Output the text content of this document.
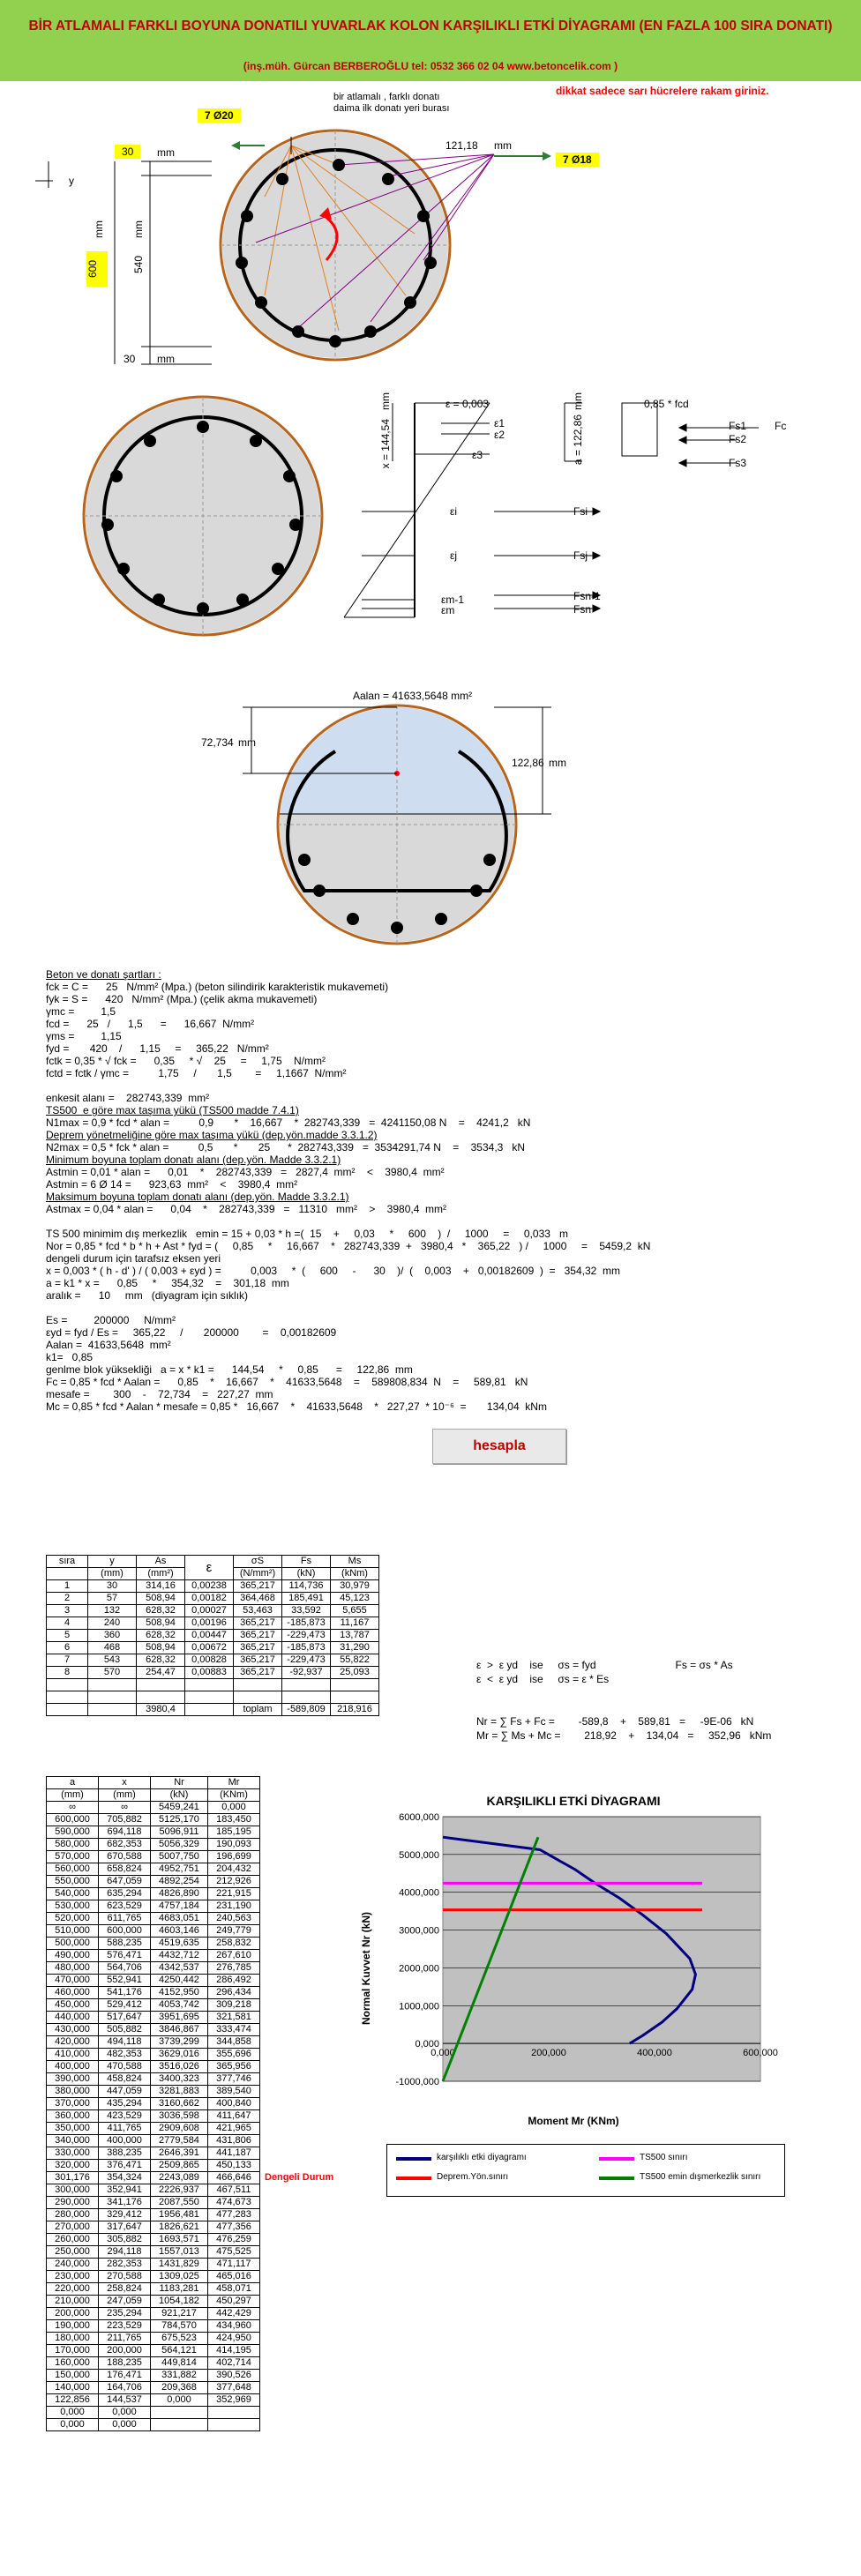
BİR ATLAMALI FARKLI BOYUNA DONATILI YUVARLAK KOLON KARŞILIKLI ETKİ DİYAGRAMI (EN FAZLA 100 SIRA DONATI)
(inş.müh. Gürcan BERBEROĞLU tel: 0532 366 02 04 www.betoncelik.com )
dikkat sadece sarı hücrelere rakam giriniz.
7 Ø20
7 Ø18
bir atlamalı , farklı donatı
daima ilk donatı yeri burası
121,18 mm
30	mm
30 mm
600
mm
540
mm
y
ε = 0,003	0,85 * fcd
x = 144,54
mm
a = 122,86
mm
ε1
ε2
ε3
εi
εj
εm-1
εm
Fs1	Fc
Fs2
Fs3
Fsi
Fsj
Fsn-1
Fsn
Aalan = 41633,5648 mm²
72,734 mm
122,86 mm
Beton ve donatı şartları :
fck = C =      25   N/mm² (Mpa.) (beton silindirik karakteristik mukavemeti)
fyk = S =      420   N/mm² (Mpa.) (çelik akma mukavemeti)
γmc =         1,5
fcd =      25   /      1,5      =      16,667  N/mm²
γms =         1,15
fyd =       420    /      1,15     =     365,22   N/mm²
fctk = 0,35 * √ fck =      0,35     * √    25     =     1,75    N/mm²
fctd = fctk / γmc =          1,75     /       1,5        =     1,1667  N/mm²
enkesit alanı =    282743,339  mm²
TS500  e göre max taşıma yükü (TS500 madde 7.4.1)
N1max = 0,9 * fcd * alan =          0,9       *    16,667    *  282743,339   =  4241150,08 N    =    4241,2   kN
Deprem yönetmeliğine göre max taşıma yükü (dep.yön.madde 3.3.1.2)
N2max = 0,5 * fck * alan =          0,5       *       25      *  282743,339   =  3534291,74 N    =    3534,3   kN
Minimum boyuna toplam donatı alanı (dep.yön. Madde 3.3.2.1)
Astmin = 0,01 * alan =      0,01    *    282743,339   =   2827,4  mm²    <    3980,4  mm²
Astmin = 6 Ø 14 =      923,63  mm²    <    3980,4  mm²
Maksimum boyuna toplam donatı alanı (dep.yön. Madde 3.3.2.1)
Astmax = 0,04 * alan =      0,04    *    282743,339   =   11310   mm²    >    3980,4  mm²
TS 500 minimim dış merkezlik   emin = 15 + 0,03 * h =(  15    +     0,03     *     600    )  /     1000     =     0,033   m
Nor = 0,85 * fcd * b * h + Ast * fyd = (     0,85     *     16,667    *   282743,339  +   3980,4   *    365,22   ) /     1000     =    5459,2  kN
dengeli durum için tarafsız eksen yeri
x = 0,003 * ( h - d' ) / ( 0,003 + εyd ) =          0,003     *  (     600     -      30    )/  (    0,003    +   0,00182609  )  =   354,32  mm
a = k1 * x =      0,85     *     354,32    =    301,18  mm
aralık =      10     mm   (diyagram için sıklık)
Es =         200000     N/mm²
εyd = fyd / Es =     365,22     /       200000        =    0,00182609
Aalan =  41633,5648  mm²
k1=   0,85
genlme blok yüksekliği   a = x * k1 =      144,54     *     0,85      =     122,86  mm
Fc = 0,85 * fcd * Aalan =      0,85    *    16,667    *    41633,5648    =    589808,834  N    =     589,81   kN
mesafe =        300    -    72,734    =   227,27  mm
Mc = 0,85 * fcd * Aalan * mesafe = 0,85 *   16,667    *    41633,5648    *   227,27  * 10⁻⁶  =       134,04  kNm
hesapla
sıra	y	As	ε	σS	Fs	Ms
	(mm)	(mm²)		(N/mm²)	(kN)	(kNm)
1	30	314,16	0,00238	365,217	114,736	30,979
2	57	508,94	0,00182	364,468	185,491	45,123
3	132	628,32	0,00027	53,463	33,592	5,655
4	240	508,94	0,00196	365,217	-185,873	11,167
5	360	628,32	0,00447	365,217	-229,473	13,787
6	468	508,94	0,00672	365,217	-185,873	31,290
7	543	628,32	0,00828	365,217	-229,473	55,822
8	570	254,47	0,00883	365,217	-92,937	25,093

		3980,4		toplam	-589,809	218,916
ε  >  ε yd    ise     σs = fyd                           Fs = σs * As
ε  <  ε yd    ise     σs = ε * Es
Nr = ∑ Fs + Fc =        -589,8    +    589,81   =     -9E-06   kN
Mr = ∑ Ms + Mc =        218,92    +    134,04   =     352,96   kNm
a	x	Nr	Mr
(mm)	(mm)	(kN)	(KNm)
∞	∞	5459,241	0,000
600,000	705,882	5125,170	183,450
590,000	694,118	5096,911	185,195
580,000	682,353	5056,329	190,093
570,000	670,588	5007,750	196,699
560,000	658,824	4952,751	204,432
550,000	647,059	4892,254	212,926
540,000	635,294	4826,890	221,915
530,000	623,529	4757,184	231,190
520,000	611,765	4683,051	240,563
510,000	600,000	4603,146	249,779
500,000	588,235	4519,635	258,832
490,000	576,471	4432,712	267,610
480,000	564,706	4342,537	276,785
470,000	552,941	4250,442	286,492
460,000	541,176	4152,950	296,434
450,000	529,412	4053,742	309,218
440,000	517,647	3951,695	321,581
430,000	505,882	3846,867	333,474
420,000	494,118	3739,299	344,858
410,000	482,353	3629,016	355,696
400,000	470,588	3516,026	365,956
390,000	458,824	3400,323	377,746
380,000	447,059	3281,883	389,540
370,000	435,294	3160,662	400,840
360,000	423,529	3036,598	411,647
350,000	411,765	2909,608	421,965
340,000	400,000	2779,584	431,806
330,000	388,235	2646,391	441,187
320,000	376,471	2509,865	450,133
301,176	354,324	2243,089	466,646
300,000	352,941	2226,937	467,511
290,000	341,176	2087,550	474,673
280,000	329,412	1956,481	477,283
270,000	317,647	1826,621	477,356
260,000	305,882	1693,571	476,259
250,000	294,118	1557,013	475,525
240,000	282,353	1431,829	471,117
230,000	270,588	1309,025	465,016
220,000	258,824	1183,281	458,071
210,000	247,059	1054,182	450,297
200,000	235,294	921,217	442,429
190,000	223,529	784,570	434,960
180,000	211,765	675,523	424,950
170,000	200,000	564,121	414,195
160,000	188,235	449,814	402,714
150,000	176,471	331,882	390,526
140,000	164,706	209,368	377,648
122,856	144,537	0,000	352,969
0,000	0,000		
0,000	0,000		
Dengeli Durum
KARŞILIKLI ETKİ DİYAGRAMI
6000,000
5000,000
4000,000
3000,000
2000,000
1000,000
0,000
-1000,000
0,000	200,000	400,000	600,000
Moment Mr (KNm)
Normal Kuvvet Nr (kN)
karşılıklı etki diyagramı	TS500 sınırı
Deprem.Yön.sınırı	TS500 emin dışmerkezlik sınırı
